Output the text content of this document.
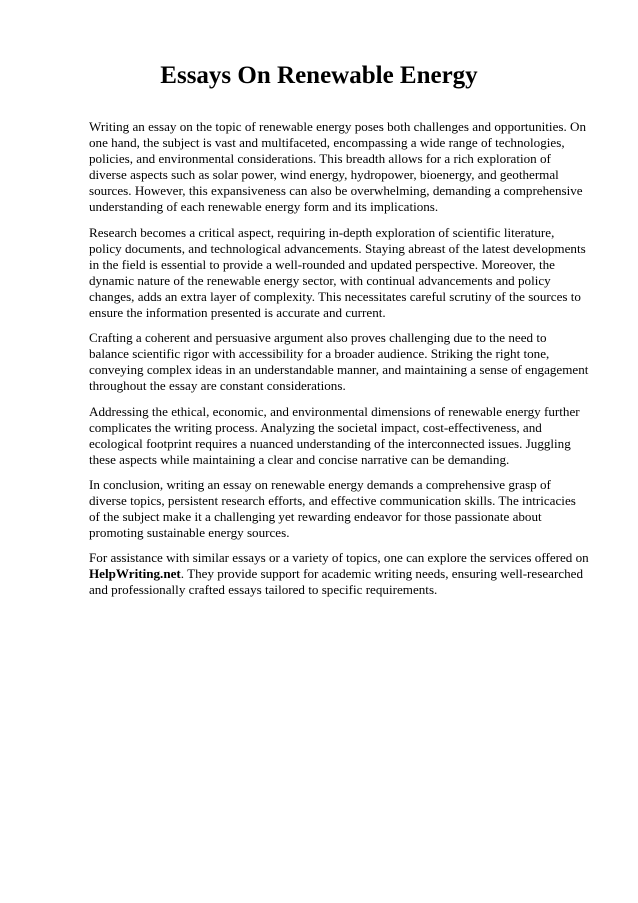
Essays On Renewable Energy

Writing an essay on the topic of renewable energy poses both challenges and opportunities. On one hand, the subject is vast and multifaceted, encompassing a wide range of technologies, policies, and environmental considerations. This breadth allows for a rich exploration of diverse aspects such as solar power, wind energy, hydropower, bioenergy, and geothermal sources. However, this expansiveness can also be overwhelming, demanding a comprehensive understanding of each renewable energy form and its implications.

Research becomes a critical aspect, requiring in-depth exploration of scientific literature, policy documents, and technological advancements. Staying abreast of the latest developments in the field is essential to provide a well-rounded and updated perspective. Moreover, the dynamic nature of the renewable energy sector, with continual advancements and policy changes, adds an extra layer of complexity. This necessitates careful scrutiny of the sources to ensure the information presented is accurate and current.

Crafting a coherent and persuasive argument also proves challenging due to the need to balance scientific rigor with accessibility for a broader audience. Striking the right tone, conveying complex ideas in an understandable manner, and maintaining a sense of engagement throughout the essay are constant considerations.

Addressing the ethical, economic, and environmental dimensions of renewable energy further complicates the writing process. Analyzing the societal impact, cost-effectiveness, and ecological footprint requires a nuanced understanding of the interconnected issues. Juggling these aspects while maintaining a clear and concise narrative can be demanding.

In conclusion, writing an essay on renewable energy demands a comprehensive grasp of diverse topics, persistent research efforts, and effective communication skills. The intricacies of the subject make it a challenging yet rewarding endeavor for those passionate about promoting sustainable energy sources.

For assistance with similar essays or a variety of topics, one can explore the services offered on HelpWriting.net. They provide support for academic writing needs, ensuring well-researched and professionally crafted essays tailored to specific requirements.
